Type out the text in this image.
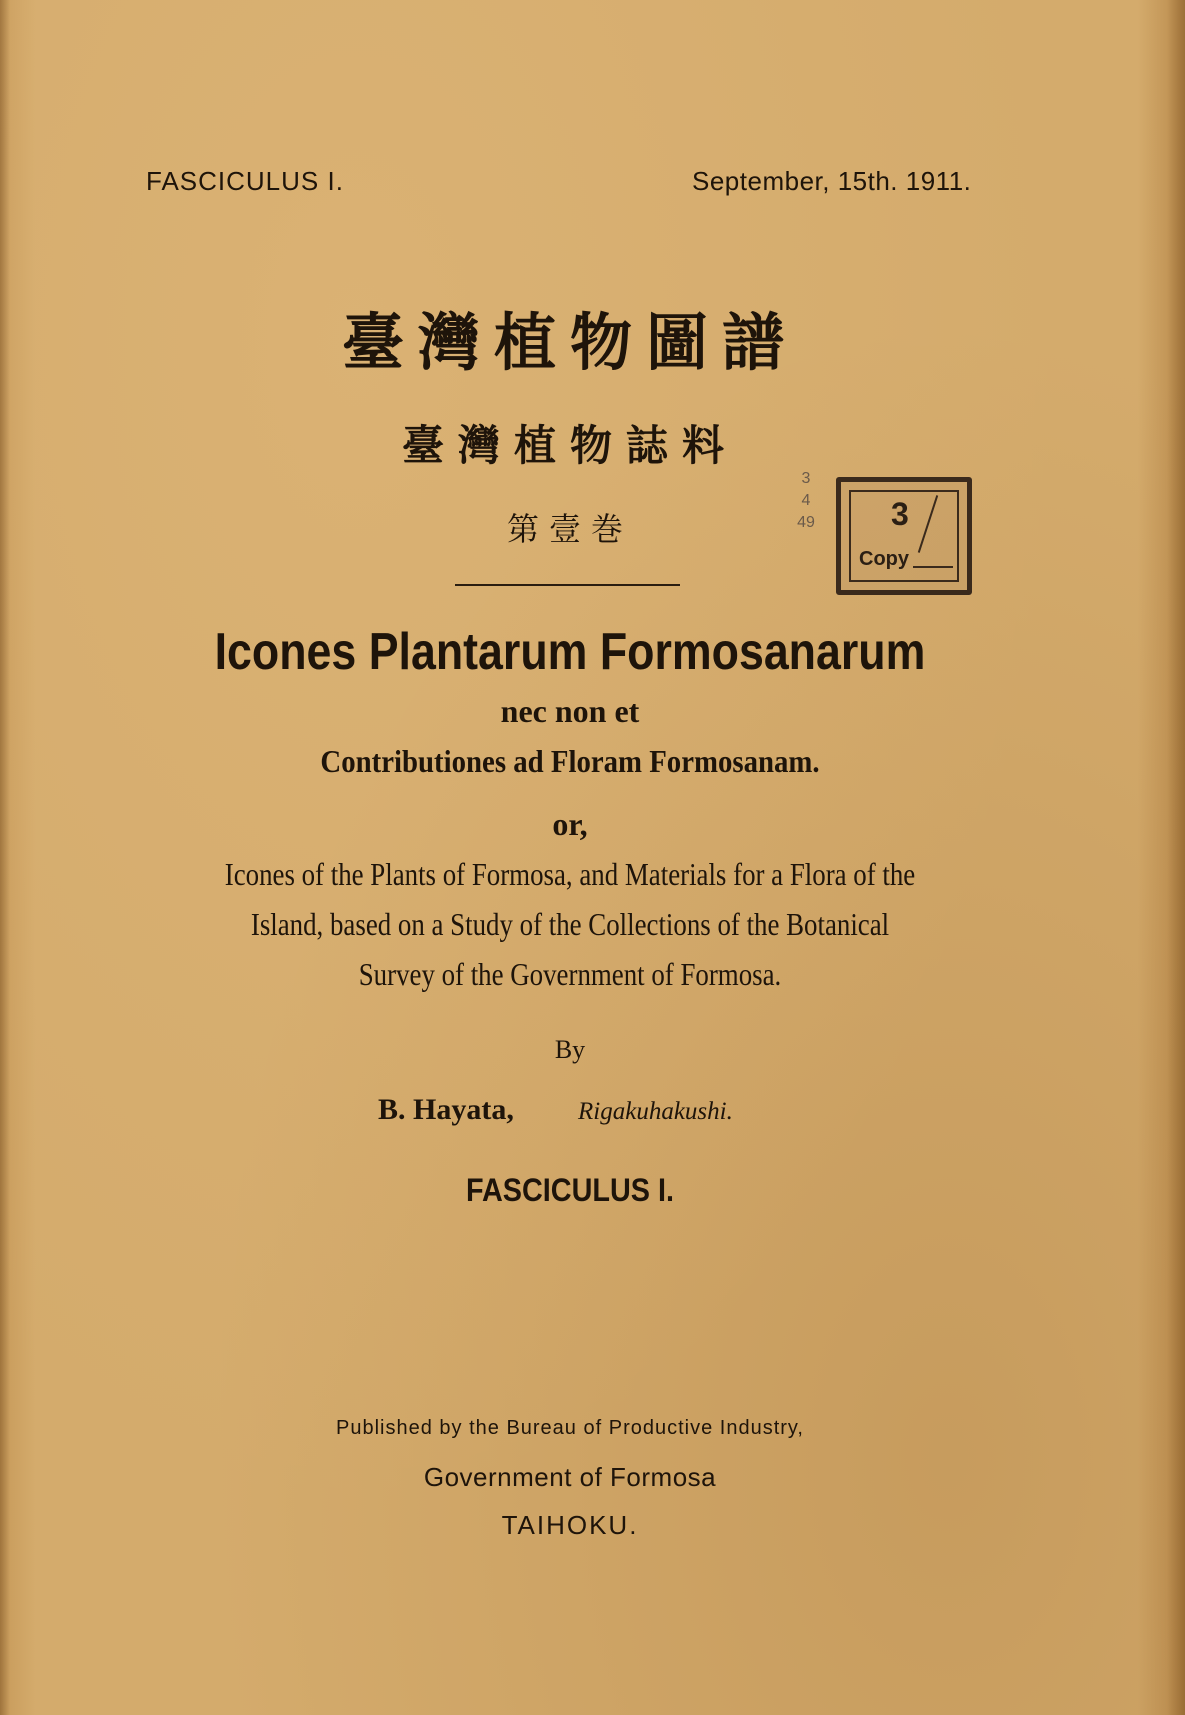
FASCICULUS I.	September, 15th. 1911.
臺灣植物圖譜
臺灣植物誌料
第壹巻
3
4
49 3
Copy
Icones Plantarum Formosanarum
nec non et
Contributiones ad Floram Formosanam.
or,
Icones of the Plants of Formosa, and Materials for a Flora of the
Island, based on a Study of the Collections of the Botanical
Survey of the Government of Formosa.
By
B. Hayata,	Rigakuhakushi.
FASCICULUS I.
Published by the Bureau of Productive Industry,
Government of Formosa
TAIHOKU.
